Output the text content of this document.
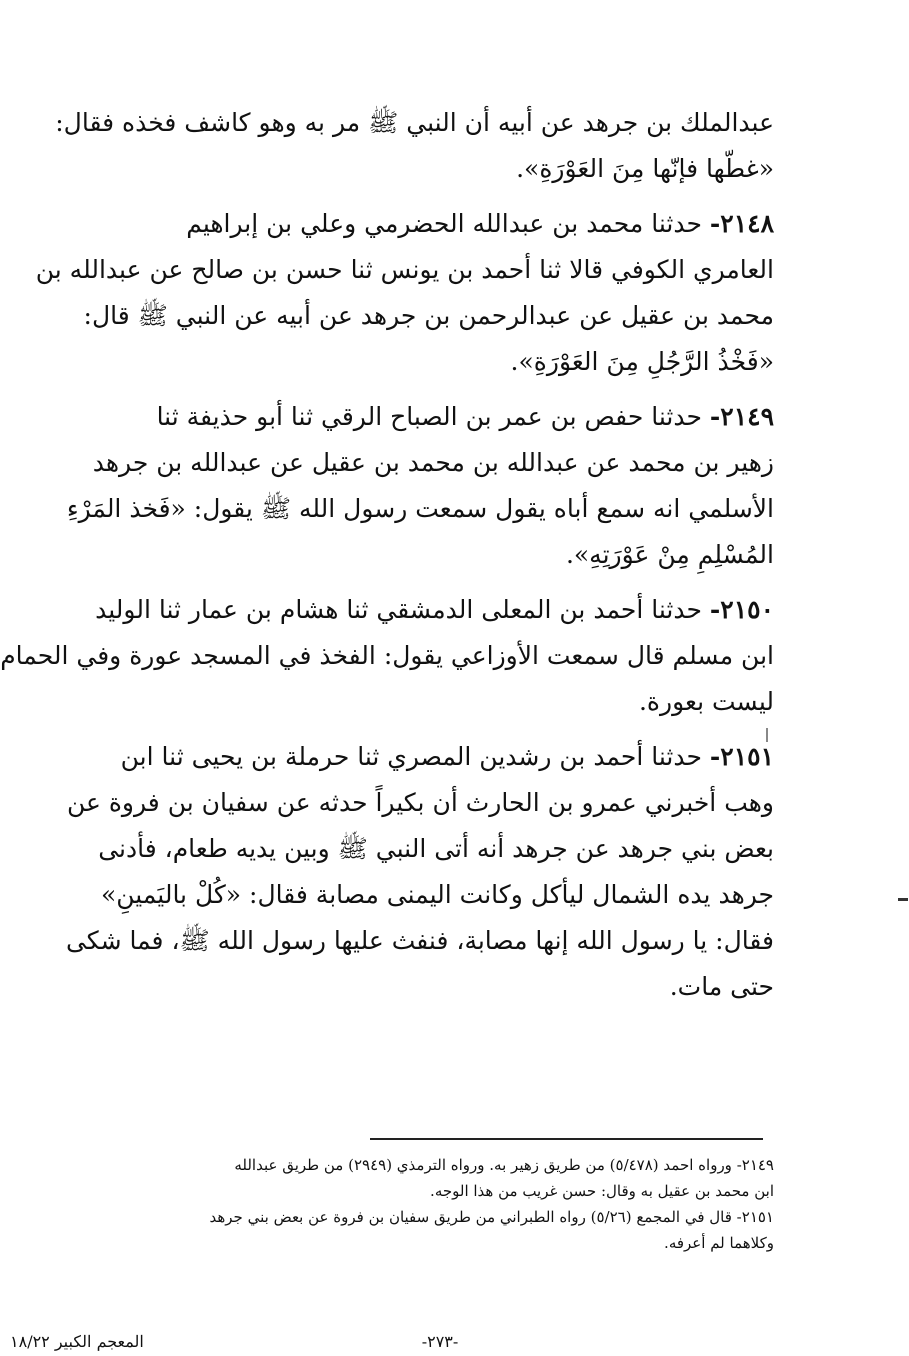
عبدالملك بن جرهد عن أبيه أن النبي ﷺ مر به وهو كاشف فخذه فقال:
«غطّها فإنّها مِنَ العَوْرَةِ».

٢١٤٨- حدثنا محمد بن عبدالله الحضرمي وعلي بن إبراهيم
العامري الكوفي قالا ثنا أحمد بن يونس ثنا حسن بن صالح عن عبدالله بن
محمد بن عقيل عن عبدالرحمن بن جرهد عن أبيه عن النبي ﷺ قال:
«فَخْذُ الرَّجُلِ مِنَ العَوْرَةِ».

٢١٤٩- حدثنا حفص بن عمر بن الصباح الرقي ثنا أبو حذيفة ثنا
زهير بن محمد عن عبدالله بن محمد بن عقيل عن عبدالله بن جرهد
الأسلمي انه سمع أباه يقول سمعت رسول الله ﷺ يقول: «فَخذ المَرْءِ
المُسْلِمِ مِنْ عَوْرَتِهِ».

٢١٥٠- حدثنا أحمد بن المعلى الدمشقي ثنا هشام بن عمار ثنا الوليد
ابن مسلم قال سمعت الأوزاعي يقول: الفخذ في المسجد عورة وفي الحمام
ليست بعورة.

٢١٥١- حدثنا أحمد بن رشدين المصري ثنا حرملة بن يحيى ثنا ابن
وهب أخبرني عمرو بن الحارث أن بكيراً حدثه عن سفيان بن فروة عن
بعض بني جرهد عن جرهد أنه أتى النبي ﷺ وبين يديه طعام، فأدنى
جرهد يده الشمال ليأكل وكانت اليمنى مصابة فقال: «كُلْ باليَمينِ»
فقال: يا رسول الله إنها مصابة، فنفث عليها رسول الله ﷺ، فما شكى
حتى مات.

٢١٤٩- ورواه احمد (٥/٤٧٨) من طريق زهير به. ورواه الترمذي (٢٩٤٩) من طريق عبدالله

ابن محمد بن عقيل به وقال: حسن غريب من هذا الوجه.

٢١٥١- قال في المجمع (٥/٢٦) رواه الطبراني من طريق سفيان بن فروة عن بعض بني جرهد

وكلاهما لم أعرفه.

-٢٧٣-
المعجم الكبير ١٨/٢٢
